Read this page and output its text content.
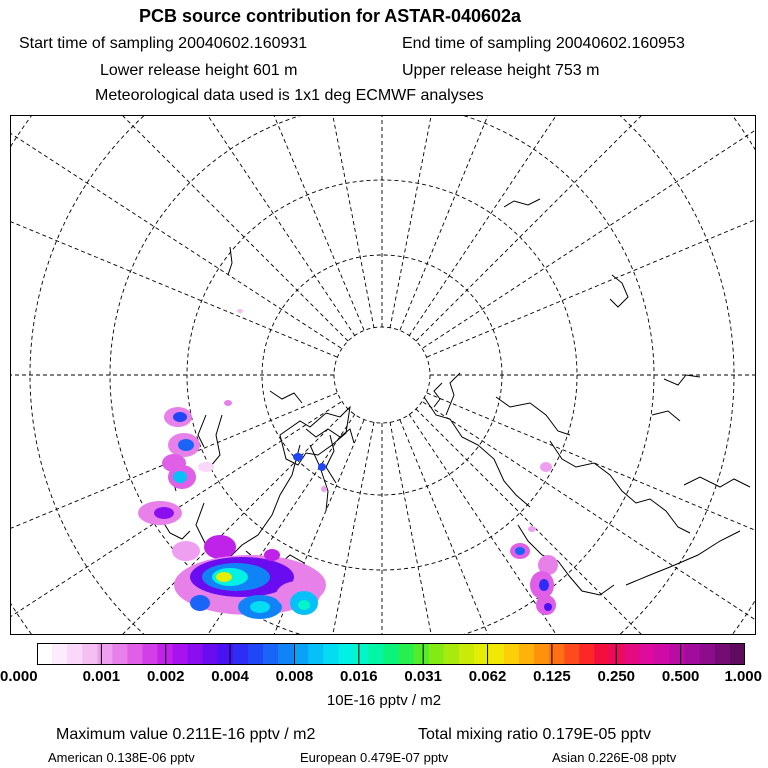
PCB source contribution for ASTAR-040602a
Start time of sampling 20040602.160931	End time of sampling 20040602.160953
Lower release height 601 m	Upper release height 753 m
Meteorological data used is 1x1 deg ECMWF analyses
0.000	0.001 0.002 0.004 0.008 0.016 0.031 0.062 0.125 0.250 0.500 1.000
10E-16 pptv / m2
Maximum value 0.211E-16 pptv / m2	Total mixing ratio 0.179E-05 pptv
American 0.138E-06 pptv	European 0.479E-07 pptv	Asian 0.226E-08 pptv
